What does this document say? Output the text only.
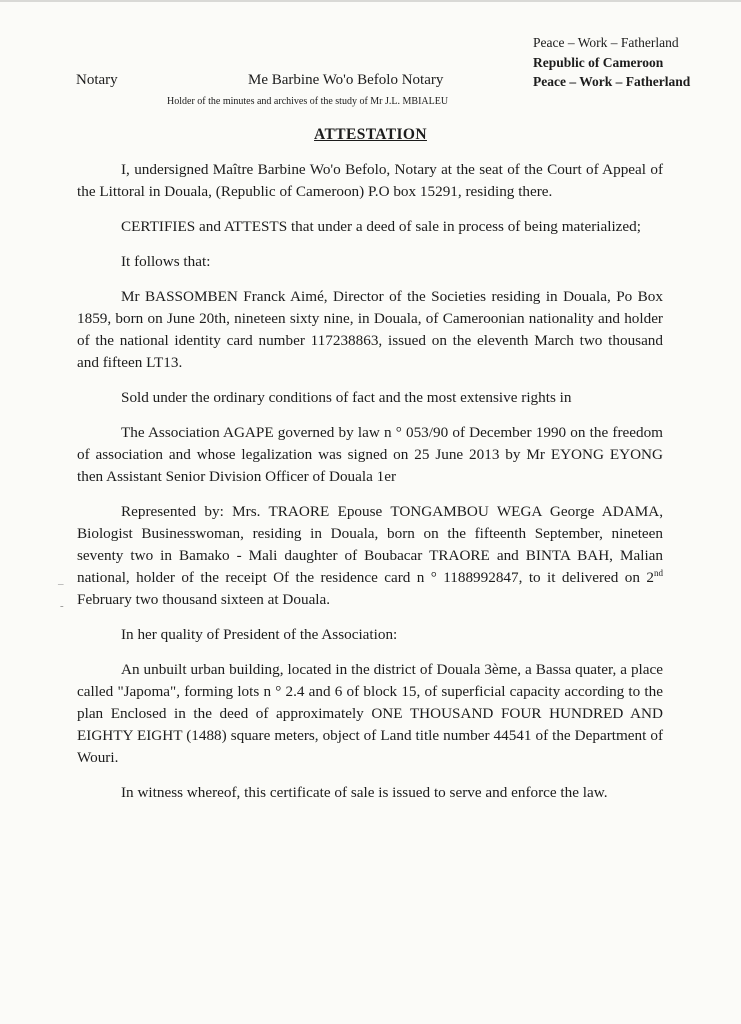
Peace – Work – Fatherland
Republic of Cameroon
Peace – Work – Fatherland
Notary	Me Barbine Wo'o Befolo Notary
Holder of the minutes and archives of the study of Mr J.L. MBIALEU
ATTESTATION

I, undersigned Maître Barbine Wo'o Befolo, Notary at the seat of the Court of Appeal of the Littoral in Douala, (Republic of Cameroon) P.O box 15291, residing there.

CERTIFIES and ATTESTS that under a deed of sale in process of being materialized;

It follows that:

Mr BASSOMBEN Franck Aimé, Director of the Societies residing in Douala, Po Box 1859, born on June 20th, nineteen sixty nine, in Douala, of Cameroonian nationality and holder of the national identity card number 117238863, issued on the eleventh March two thousand and fifteen LT13.

Sold under the ordinary conditions of fact and the most extensive rights in

The Association AGAPE governed by law n ° 053/90 of December 1990 on the freedom of association and whose legalization was signed on 25 June 2013 by Mr EYONG EYONG then Assistant Senior Division Officer of Douala 1er

Represented by: Mrs. TRAORE Epouse TONGAMBOU WEGA George ADAMA, Biologist Businesswoman, residing in Douala, born on the fifteenth September, nineteen seventy two in Bamako - Mali daughter of Boubacar TRAORE and BINTA BAH, Malian national, holder of the receipt Of the residence card n ° 1188992847, to it delivered on 2nd February two thousand sixteen at Douala.

In her quality of President of the Association:

An unbuilt urban building, located in the district of Douala 3ème, a Bassa quater, a place called "Japoma", forming lots n ° 2.4 and 6 of block 15, of superficial capacity according to the plan Enclosed in the deed of approximately ONE THOUSAND FOUR HUNDRED AND EIGHTY EIGHT (1488) square meters, object of Land title number 44541 of the Department of Wouri.

In witness whereof, this certificate of sale is issued to serve and enforce the law.

–
-
